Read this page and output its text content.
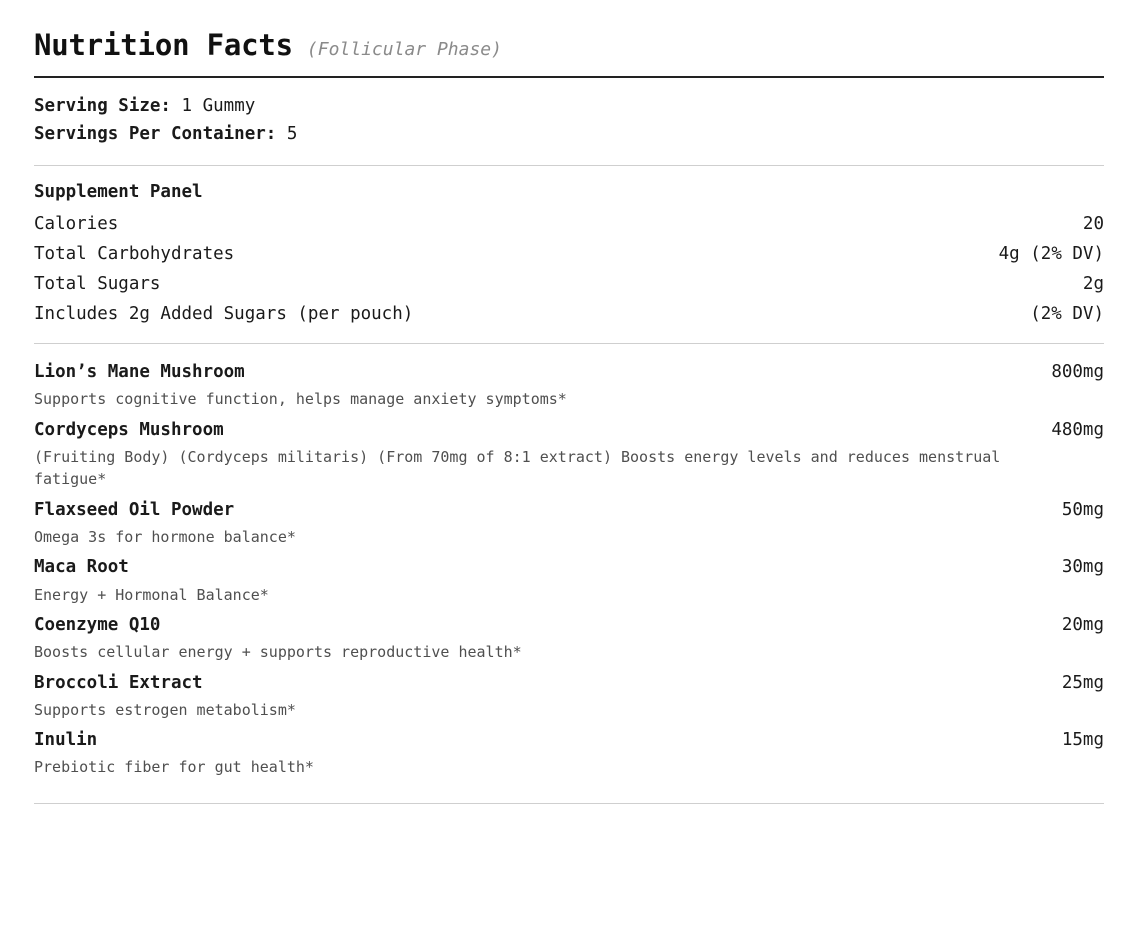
Nutrition Facts (Follicular Phase)
Serving Size: 1 Gummy
Servings Per Container: 5
Supplement Panel
Calories	20
Total Carbohydrates	4g (2% DV)
Total Sugars	2g
Includes 2g Added Sugars (per pouch)	(2% DV)
Lion’s Mane Mushroom	800mg
Supports cognitive function, helps manage anxiety symptoms*
Cordyceps Mushroom	480mg
(Fruiting Body) (Cordyceps militaris) (From 70mg of 8:1 extract) Boosts energy levels and reduces menstrual fatigue*
Flaxseed Oil Powder	50mg
Omega 3s for hormone balance*
Maca Root	30mg
Energy + Hormonal Balance*
Coenzyme Q10	20mg
Boosts cellular energy + supports reproductive health*
Broccoli Extract	25mg
Supports estrogen metabolism*
Inulin	15mg
Prebiotic fiber for gut health*
